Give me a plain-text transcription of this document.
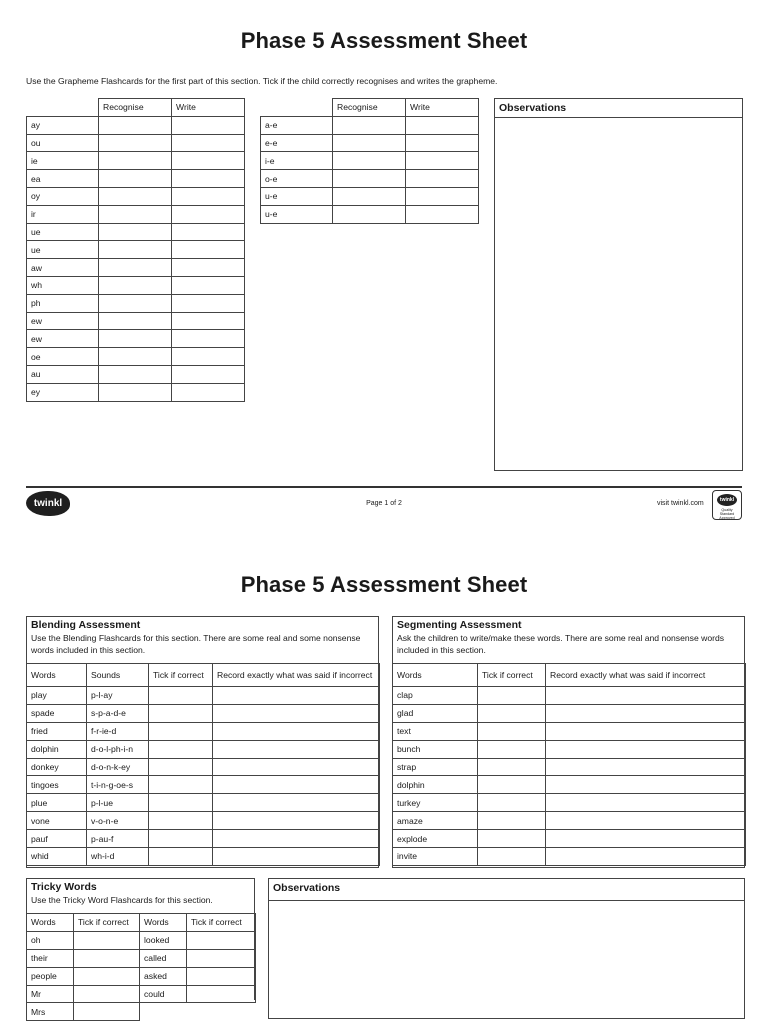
Phase 5 Assessment Sheet
Use the Grapheme Flashcards for the first part of this section. Tick if the child correctly recognises and writes the grapheme.
	Recognise	Write
ay		
ou		
ie		
ea		
oy		
ir		
ue		
ue		
aw		
wh		
ph		
ew		
ew		
oe		
au		
ey		
	Recognise	Write
a-e		
e-e		
i-e		
o-e		
u-e		
u-e		
Observations
twinkl	Page 1 of 2	visit twinkl.com	twinkl
Quality Standard Approved
Phase 5 Assessment Sheet
Blending Assessment
Use the Blending Flashcards for this section. There are some real and some nonsense words included in this section.
Words	Sounds	Tick if correct	Record exactly what was said if incorrect
play	p-l-ay		
spade	s-p-a-d-e		
fried	f-r-ie-d		
dolphin	d-o-l-ph-i-n		
donkey	d-o-n-k-ey		
tingoes	t-i-n-g-oe-s		
plue	p-l-ue		
vone	v-o-n-e		
pauf	p-au-f		
whid	wh-i-d		
Segmenting Assessment
Ask the children to write/make these words. There are some real and nonsense words included in this section.
Words	Tick if correct	Record exactly what was said if incorrect
clap		
glad		
text		
bunch		
strap		
dolphin		
turkey		
amaze		
explode		
invite		
Tricky Words
Use the Tricky Word Flashcards for this section.
Words	Tick if correct	Words	Tick if correct
oh		looked	
their		called	
people		asked	
Mr		could	
Mrs			
Observations
